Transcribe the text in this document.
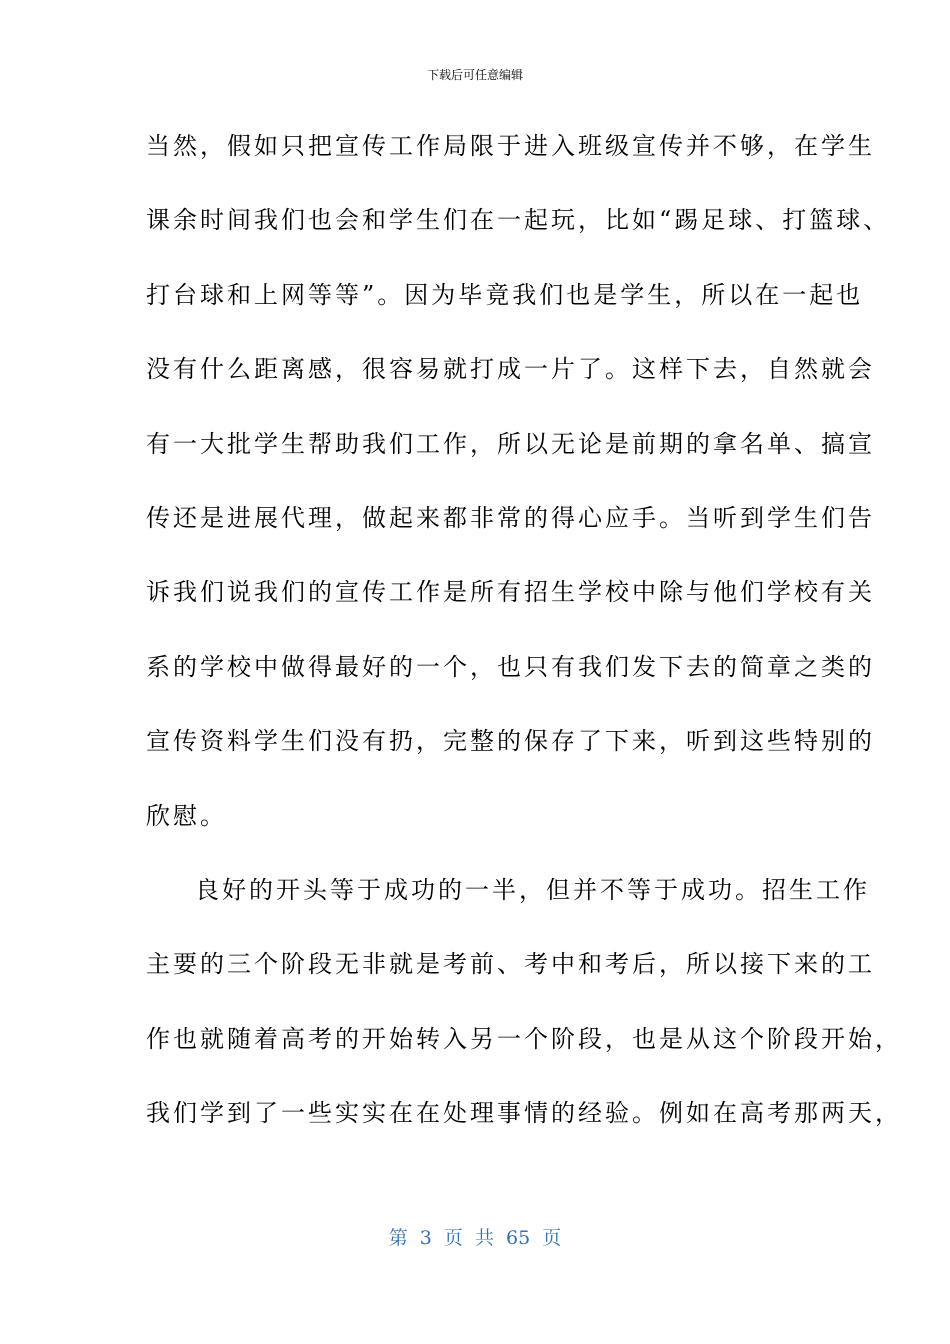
下载后可任意编辑
当然，假如只把宣传工作局限于进入班级宣传并不够，在学生
课余时间我们也会和学生们在一起玩，比如“踢足球、打篮球、
打台球和上网等等”。因为毕竟我们也是学生，所以在一起也
没有什么距离感，很容易就打成一片了。这样下去，自然就会
有一大批学生帮助我们工作，所以无论是前期的拿名单、搞宣
传还是进展代理，做起来都非常的得心应手。当听到学生们告
诉我们说我们的宣传工作是所有招生学校中除与他们学校有关
系的学校中做得最好的一个，也只有我们发下去的简章之类的
宣传资料学生们没有扔，完整的保存了下来，听到这些特别的
欣慰。
良好的开头等于成功的一半，但并不等于成功。招生工作
主要的三个阶段无非就是考前、考中和考后，所以接下来的工
作也就随着高考的开始转入另一个阶段，也是从这个阶段开始，
我们学到了一些实实在在处理事情的经验。例如在高考那两天，
第 3 页 共 65 页
